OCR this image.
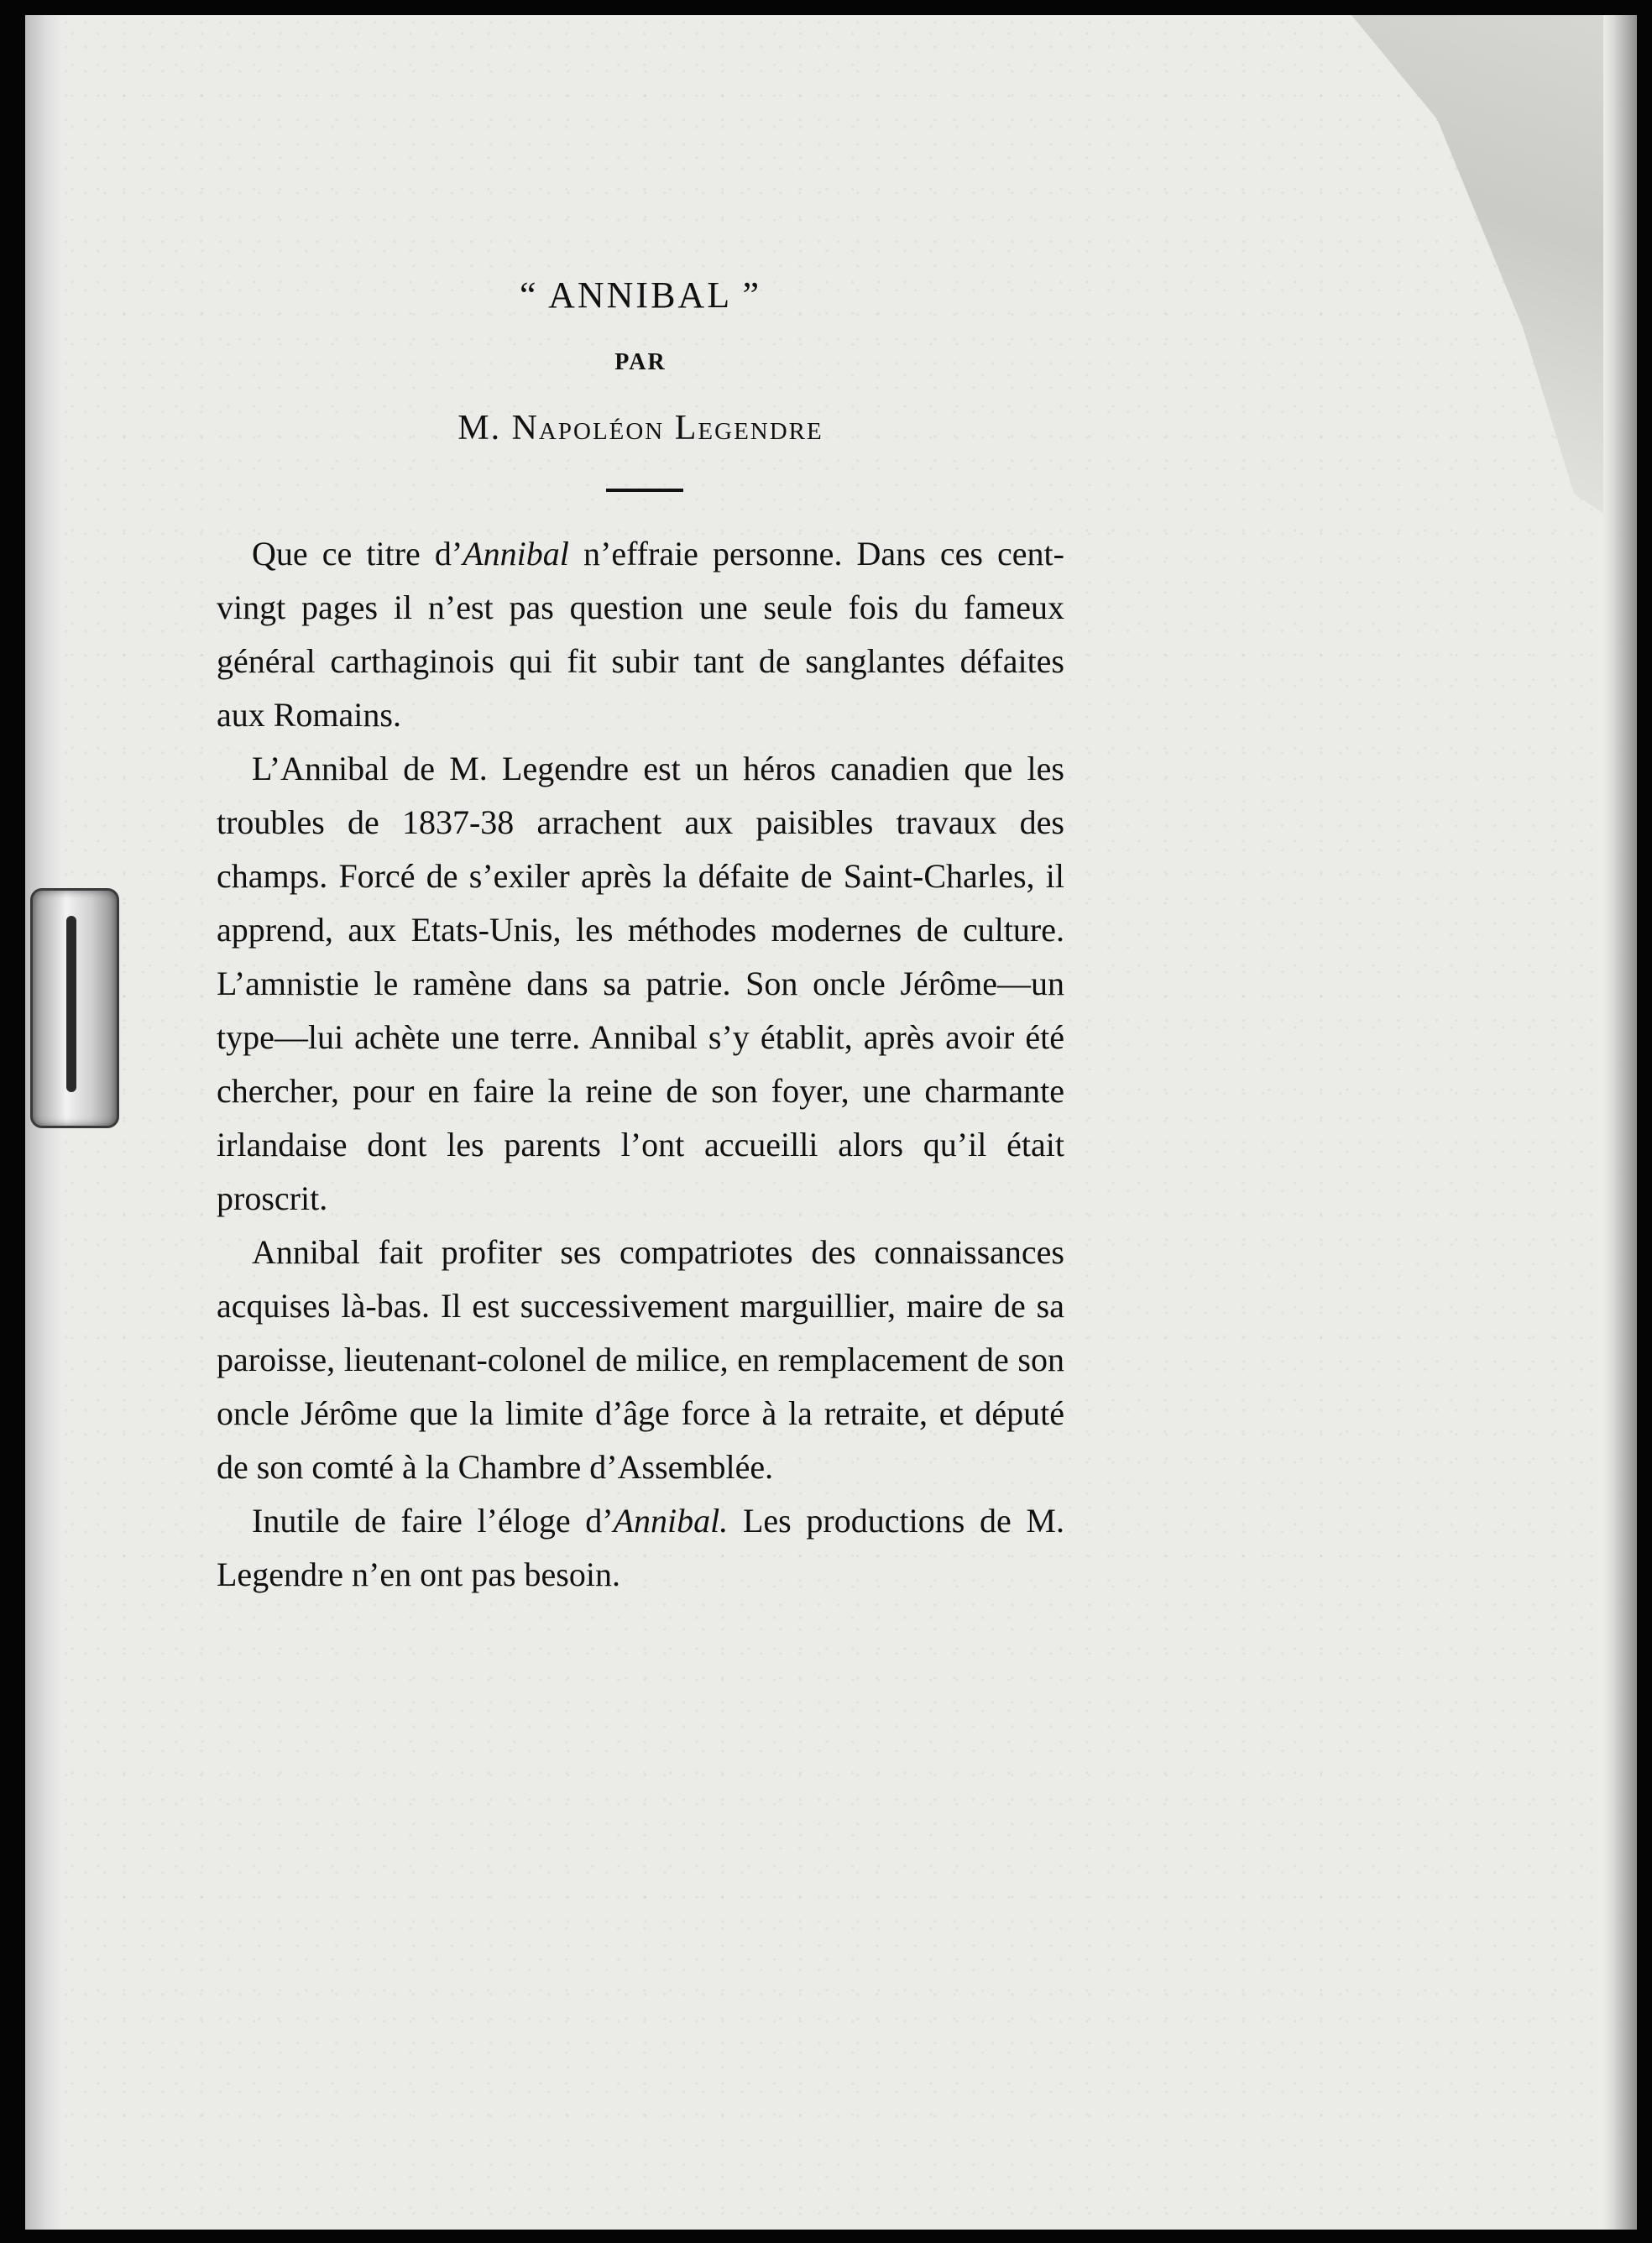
“ ANNIBAL ”
PAR
M. Napoléon Legendre

Que ce titre d’Annibal n’effraie personne. Dans ces cent-vingt pages il n’est pas question une seule fois du fameux général carthaginois qui fit subir tant de sanglantes défaites aux Romains.

L’Annibal de M. Legendre est un héros canadien que les troubles de 1837-38 arrachent aux paisibles travaux des champs. Forcé de s’exiler après la défaite de Saint-Charles, il apprend, aux Etats-Unis, les méthodes modernes de culture. L’amnistie le ramène dans sa patrie. Son oncle Jérôme—un type—lui achète une terre. Annibal s’y établit, après avoir été chercher, pour en faire la reine de son foyer, une charmante irlandaise dont les parents l’ont accueilli alors qu’il était proscrit.

Annibal fait profiter ses compatriotes des connaissances acquises là-bas. Il est successivement marguillier, maire de sa paroisse, lieutenant-colonel de milice, en remplacement de son oncle Jérôme que la limite d’âge force à la retraite, et député de son comté à la Chambre d’Assemblée.

Inutile de faire l’éloge d’Annibal. Les productions de M. Legendre n’en ont pas besoin.
